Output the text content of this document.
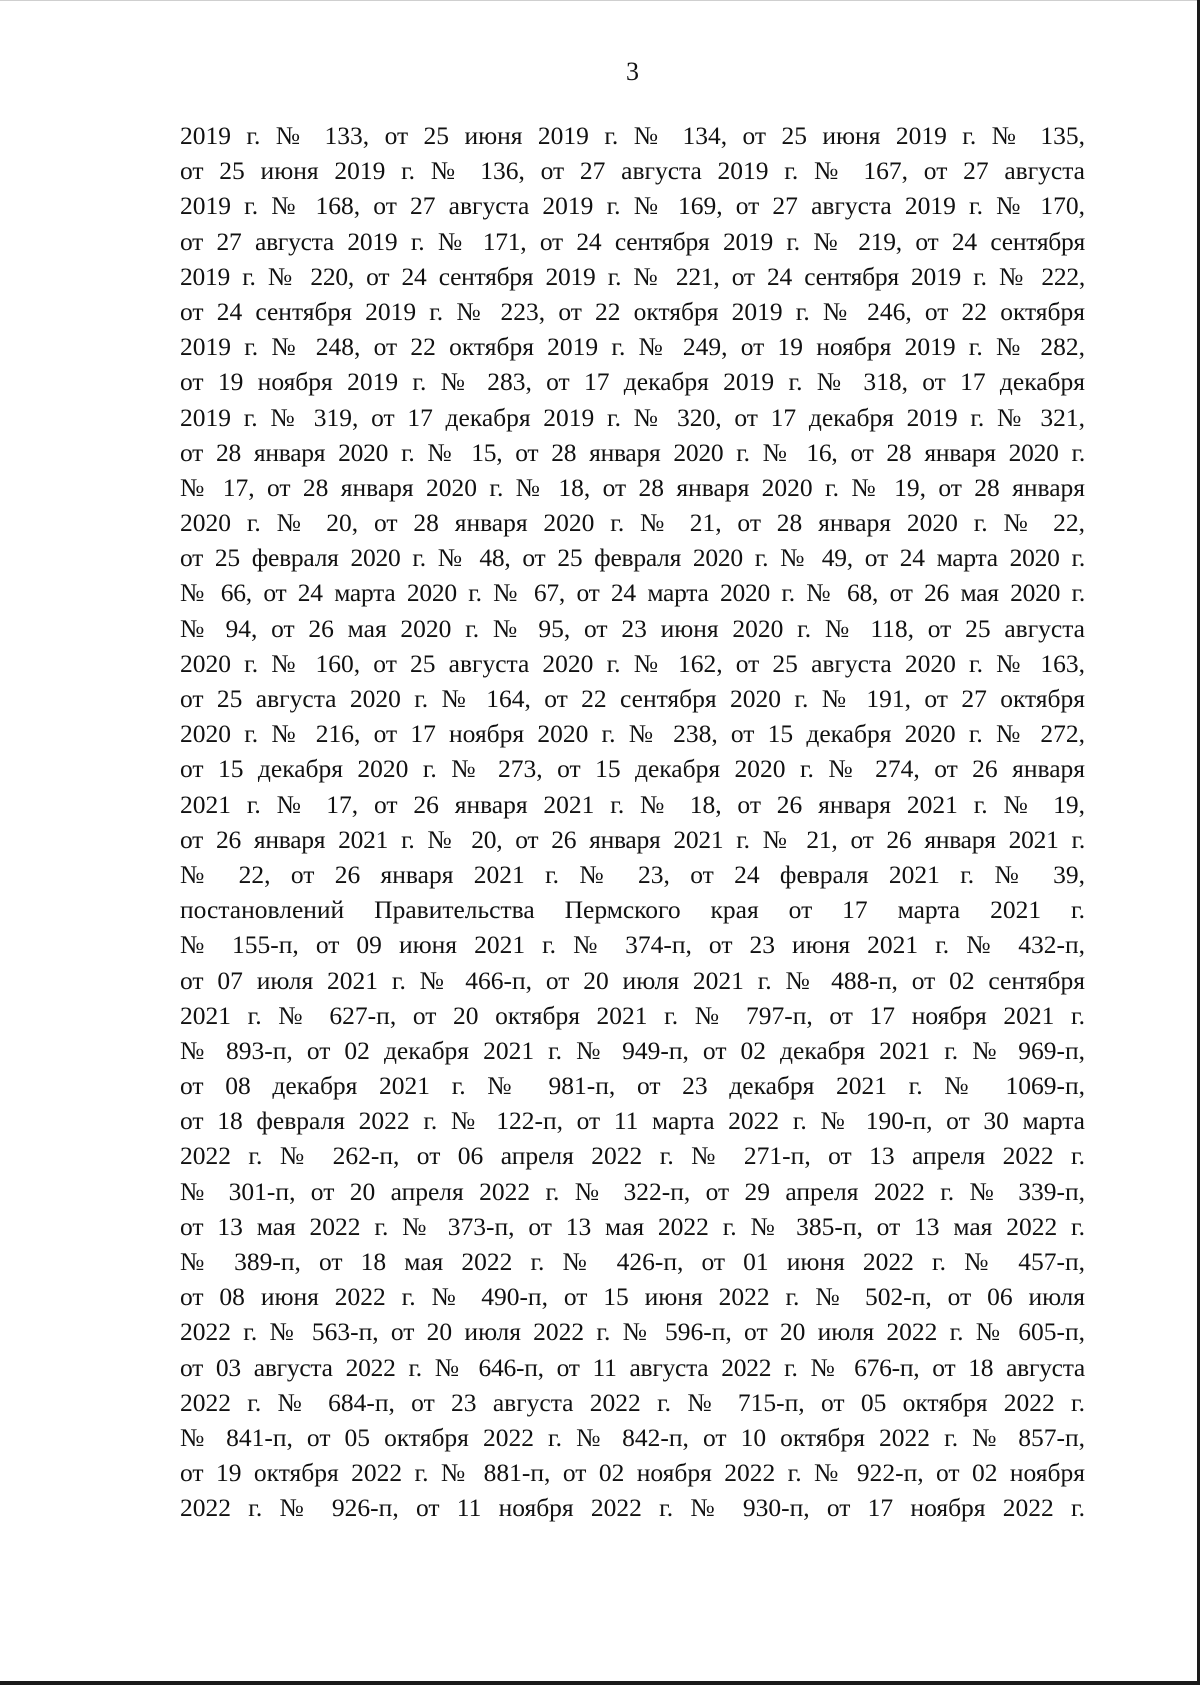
3
2019 г. № 133, от 25 июня 2019 г. № 134, от 25 июня 2019 г. № 135,
от 25 июня 2019 г. № 136, от 27 августа 2019 г. № 167, от 27 августа
2019 г. № 168, от 27 августа 2019 г. № 169, от 27 августа 2019 г. № 170,
от 27 августа 2019 г. № 171, от 24 сентября 2019 г. № 219, от 24 сентября
2019 г. № 220, от 24 сентября 2019 г. № 221, от 24 сентября 2019 г. № 222,
от 24 сентября 2019 г. № 223, от 22 октября 2019 г. № 246, от 22 октября
2019 г. № 248, от 22 октября 2019 г. № 249, от 19 ноября 2019 г. № 282,
от 19 ноября 2019 г. № 283, от 17 декабря 2019 г. № 318, от 17 декабря
2019 г. № 319, от 17 декабря 2019 г. № 320, от 17 декабря 2019 г. № 321,
от 28 января 2020 г. № 15, от 28 января 2020 г. № 16, от 28 января 2020 г.
№ 17, от 28 января 2020 г. № 18, от 28 января 2020 г. № 19, от 28 января
2020 г. № 20, от 28 января 2020 г. № 21, от 28 января 2020 г. № 22,
от 25 февраля 2020 г. № 48, от 25 февраля 2020 г. № 49, от 24 марта 2020 г.
№ 66, от 24 марта 2020 г. № 67, от 24 марта 2020 г. № 68, от 26 мая 2020 г.
№ 94, от 26 мая 2020 г. № 95, от 23 июня 2020 г. № 118, от 25 августа
2020 г. № 160, от 25 августа 2020 г. № 162, от 25 августа 2020 г. № 163,
от 25 августа 2020 г. № 164, от 22 сентября 2020 г. № 191, от 27 октября
2020 г. № 216, от 17 ноября 2020 г. № 238, от 15 декабря 2020 г. № 272,
от 15 декабря 2020 г. № 273, от 15 декабря 2020 г. № 274, от 26 января
2021 г. № 17, от 26 января 2021 г. № 18, от 26 января 2021 г. № 19,
от 26 января 2021 г. № 20, от 26 января 2021 г. № 21, от 26 января 2021 г.
№ 22, от 26 января 2021 г. № 23, от 24 февраля 2021 г. № 39,
постановлений Правительства Пермского края от 17 марта 2021 г.
№ 155-п, от 09 июня 2021 г. № 374-п, от 23 июня 2021 г. № 432-п,
от 07 июля 2021 г. № 466-п, от 20 июля 2021 г. № 488-п, от 02 сентября
2021 г. № 627-п, от 20 октября 2021 г. № 797-п, от 17 ноября 2021 г.
№ 893-п, от 02 декабря 2021 г. № 949-п, от 02 декабря 2021 г. № 969-п,
от 08 декабря 2021 г. № 981-п, от 23 декабря 2021 г. № 1069-п,
от 18 февраля 2022 г. № 122-п, от 11 марта 2022 г. № 190-п, от 30 марта
2022 г. № 262-п, от 06 апреля 2022 г. № 271-п, от 13 апреля 2022 г.
№ 301-п, от 20 апреля 2022 г. № 322-п, от 29 апреля 2022 г. № 339-п,
от 13 мая 2022 г. № 373-п, от 13 мая 2022 г. № 385-п, от 13 мая 2022 г.
№ 389-п, от 18 мая 2022 г. № 426-п, от 01 июня 2022 г. № 457-п,
от 08 июня 2022 г. № 490-п, от 15 июня 2022 г. № 502-п, от 06 июля
2022 г. № 563-п, от 20 июля 2022 г. № 596-п, от 20 июля 2022 г. № 605-п,
от 03 августа 2022 г. № 646-п, от 11 августа 2022 г. № 676-п, от 18 августа
2022 г. № 684-п, от 23 августа 2022 г. № 715-п, от 05 октября 2022 г.
№ 841-п, от 05 октября 2022 г. № 842-п, от 10 октября 2022 г. № 857-п,
от 19 октября 2022 г. № 881-п, от 02 ноября 2022 г. № 922-п, от 02 ноября
2022 г. № 926-п, от 11 ноября 2022 г. № 930-п, от 17 ноября 2022 г.
